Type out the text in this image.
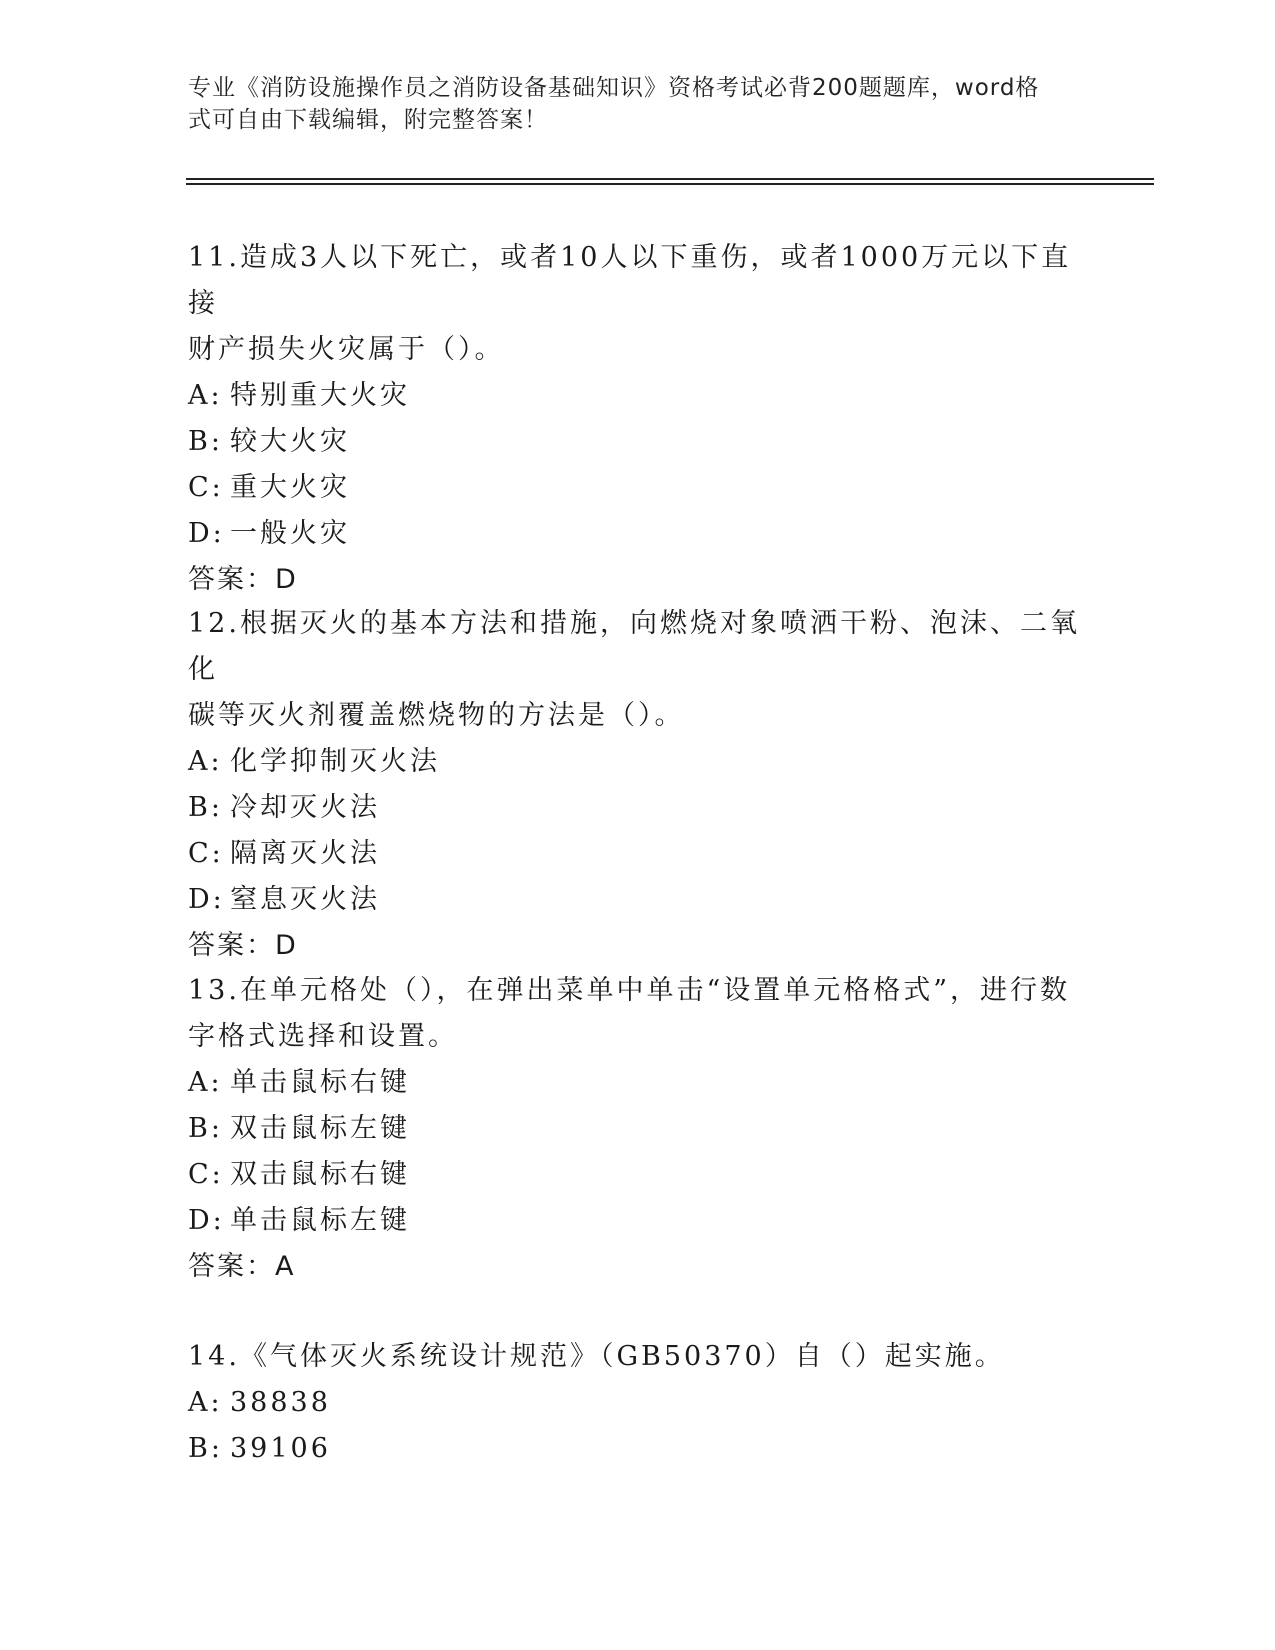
专业《消防设施操作员之消防设备基础知识》资格考试必背200题题库，word格
式可自由下载编辑，附完整答案！
11.造成3人以下死亡，或者10人以下重伤，或者1000万元以下直接
财产损失火灾属于（）。
A: 特别重大火灾
B: 较大火灾
C: 重大火灾
D: 一般火灾
答案：D
12.根据灭火的基本方法和措施，向燃烧对象喷洒干粉、泡沫、二氧化
碳等灭火剂覆盖燃烧物的方法是（）。
A: 化学抑制灭火法
B: 冷却灭火法
C: 隔离灭火法
D: 窒息灭火法
答案：D
13.在单元格处（），在弹出菜单中单击“设置单元格格式”，进行数
字格式选择和设置。
A: 单击鼠标右键
B: 双击鼠标左键
C: 双击鼠标右键
D: 单击鼠标左键
答案：A
14.《气体灭火系统设计规范》（GB50370）自（）起实施。
A: 38838
B: 39106
